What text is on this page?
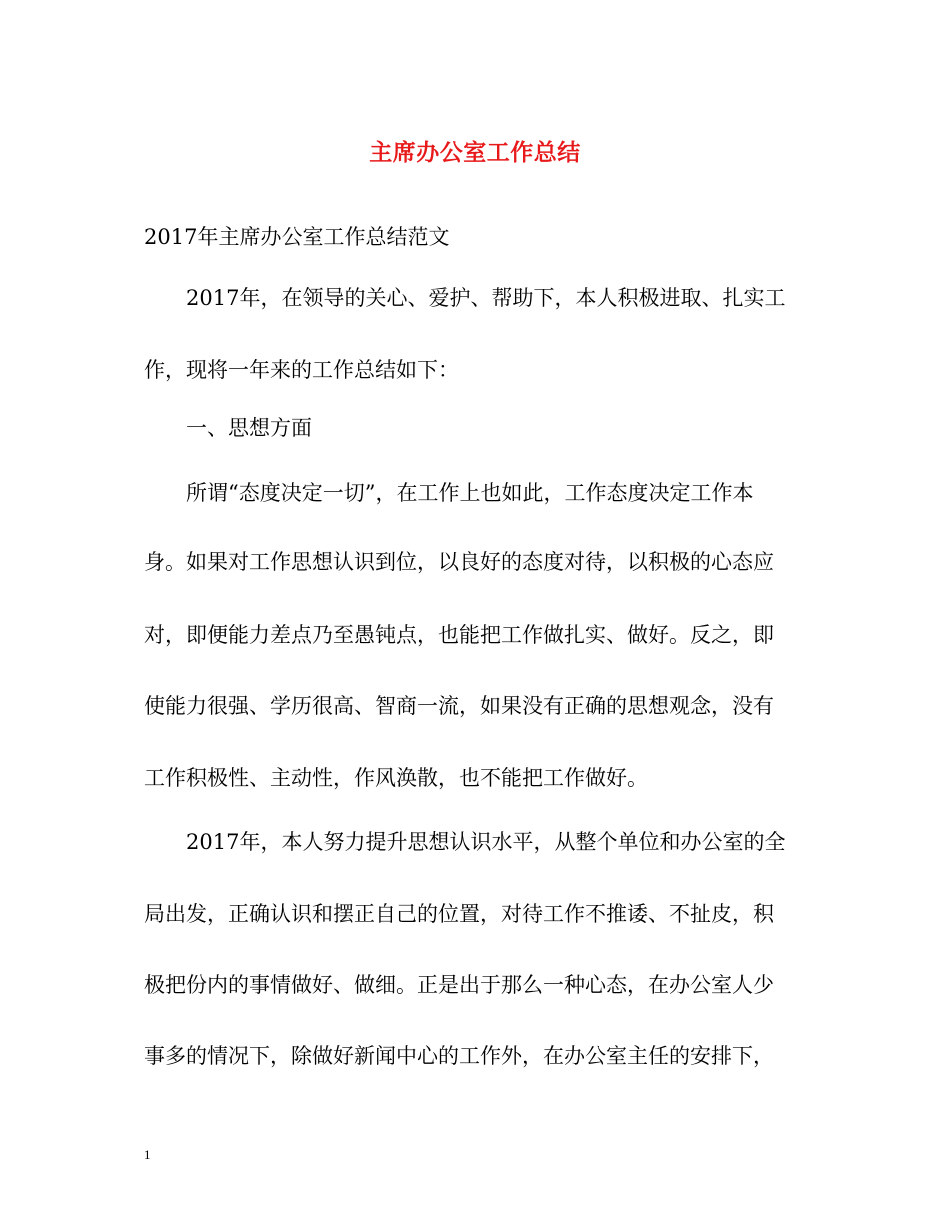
主席办公室工作总结
2017年主席办公室工作总结范文
2017年，在领导的关心、爱护、帮助下，本人积极进取、扎实工
作，现将一年来的工作总结如下：
一、思想方面
所谓“态度决定一切”，在工作上也如此，工作态度决定工作本
身。如果对工作思想认识到位，以良好的态度对待，以积极的心态应
对，即便能力差点乃至愚钝点，也能把工作做扎实、做好。反之，即
使能力很强、学历很高、智商一流，如果没有正确的思想观念，没有
工作积极性、主动性，作风涣散，也不能把工作做好。
2017年，本人努力提升思想认识水平，从整个单位和办公室的全
局出发，正确认识和摆正自己的位置，对待工作不推诿、不扯皮，积
极把份内的事情做好、做细。正是出于那么一种心态，在办公室人少
事多的情况下，除做好新闻中心的工作外，在办公室主任的安排下，
1
